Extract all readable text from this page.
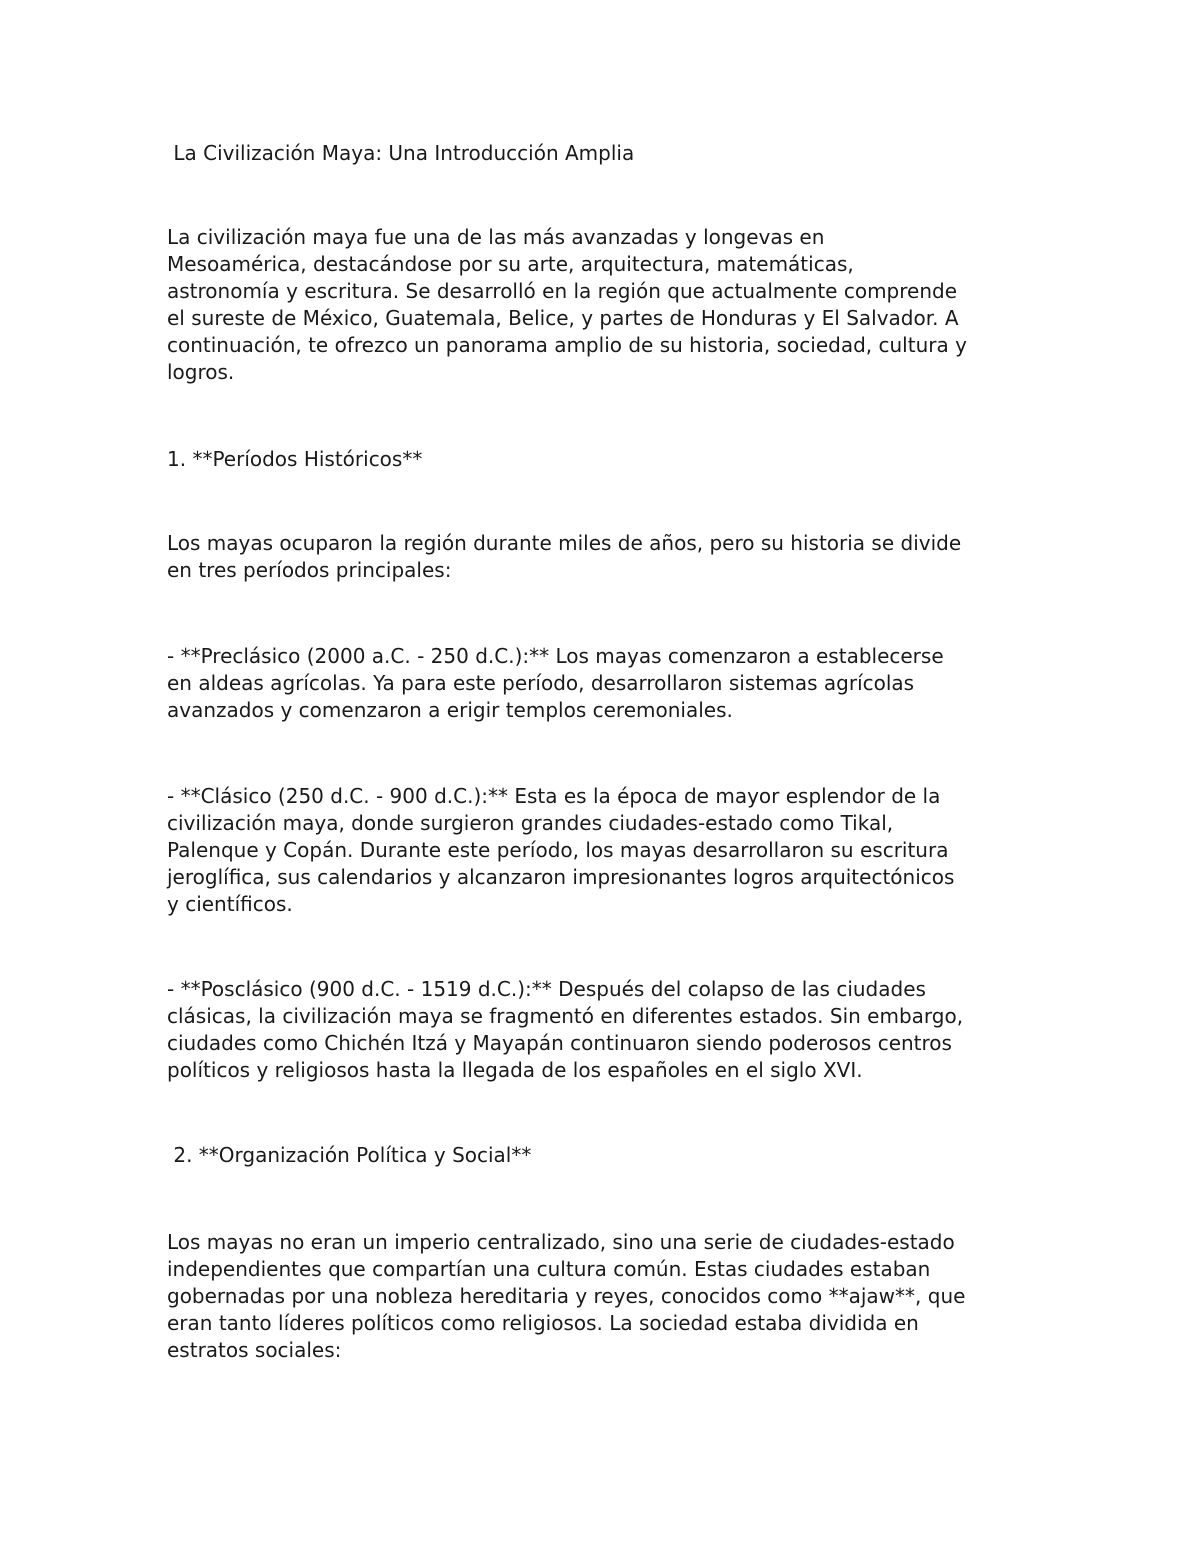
La Civilización Maya: Una Introducción Amplia

La civilización maya fue una de las más avanzadas y longevas en
Mesoamérica, destacándose por su arte, arquitectura, matemáticas,
astronomía y escritura. Se desarrolló en la región que actualmente comprende
el sureste de México, Guatemala, Belice, y partes de Honduras y El Salvador. A
continuación, te ofrezco un panorama amplio de su historia, sociedad, cultura y
logros.

1. **Períodos Históricos**

Los mayas ocuparon la región durante miles de años, pero su historia se divide
en tres períodos principales:

- **Preclásico (2000 a.C. - 250 d.C.):** Los mayas comenzaron a establecerse
en aldeas agrícolas. Ya para este período, desarrollaron sistemas agrícolas
avanzados y comenzaron a erigir templos ceremoniales.

- **Clásico (250 d.C. - 900 d.C.):** Esta es la época de mayor esplendor de la
civilización maya, donde surgieron grandes ciudades-estado como Tikal,
Palenque y Copán. Durante este período, los mayas desarrollaron su escritura
jeroglífica, sus calendarios y alcanzaron impresionantes logros arquitectónicos
y científicos.

- **Posclásico (900 d.C. - 1519 d.C.):** Después del colapso de las ciudades
clásicas, la civilización maya se fragmentó en diferentes estados. Sin embargo,
ciudades como Chichén Itzá y Mayapán continuaron siendo poderosos centros
políticos y religiosos hasta la llegada de los españoles en el siglo XVI.

2. **Organización Política y Social**

Los mayas no eran un imperio centralizado, sino una serie de ciudades-estado
independientes que compartían una cultura común. Estas ciudades estaban
gobernadas por una nobleza hereditaria y reyes, conocidos como **ajaw**, que
eran tanto líderes políticos como religiosos. La sociedad estaba dividida en
estratos sociales:
